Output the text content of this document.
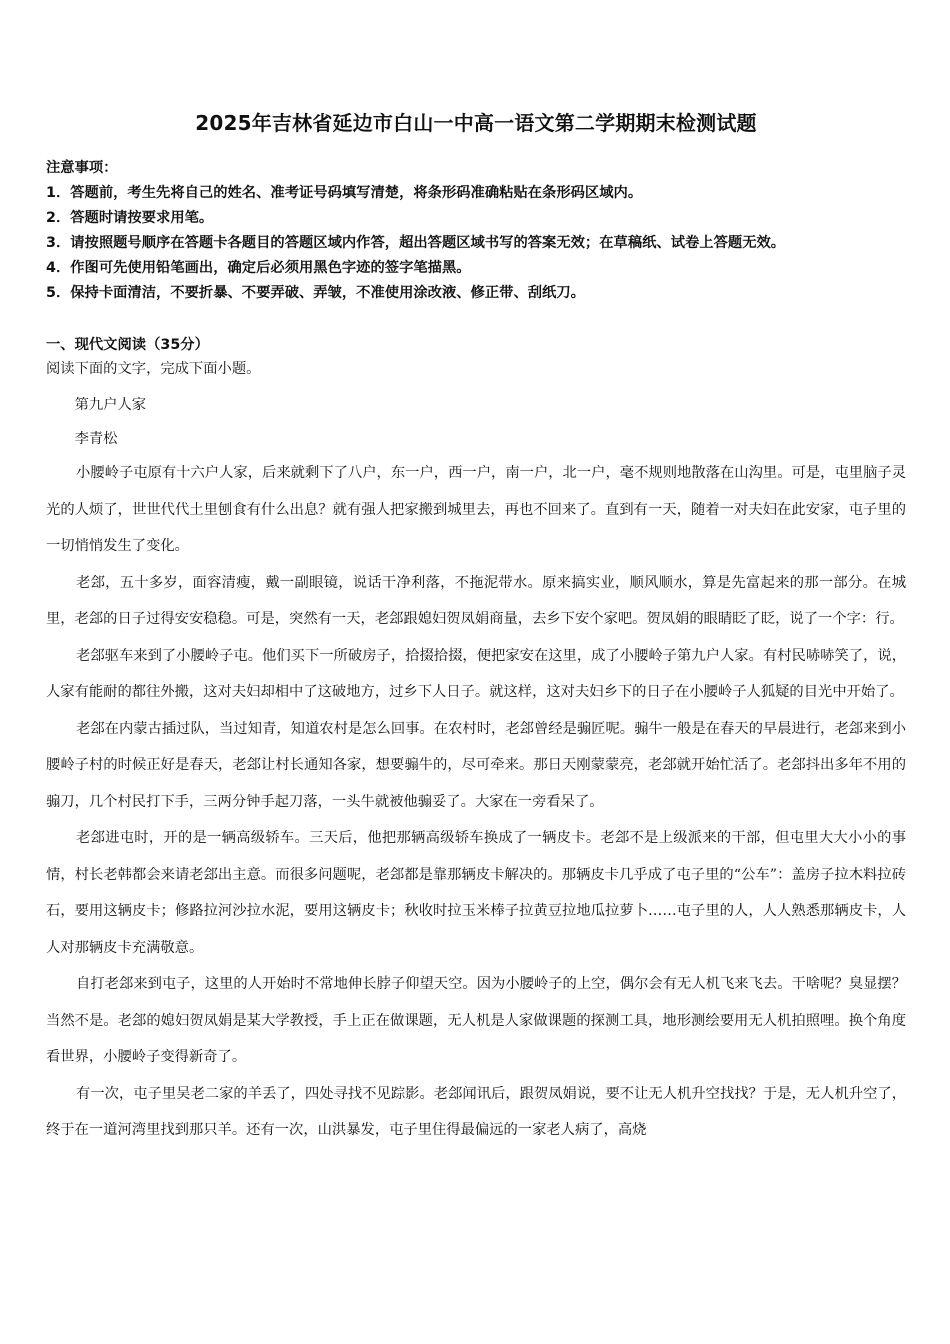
2025年吉林省延边市白山一中高一语文第二学期期末检测试题
注意事项：
1．答题前，考生先将自己的姓名、准考证号码填写清楚，将条形码准确粘贴在条形码区域内。
2．答题时请按要求用笔。
3．请按照题号顺序在答题卡各题目的答题区域内作答，超出答题区域书写的答案无效；在草稿纸、试卷上答题无效。
4．作图可先使用铅笔画出，确定后必须用黑色字迹的签字笔描黑。
5．保持卡面清洁，不要折暴、不要弄破、弄皱，不准使用涂改液、修正带、刮纸刀。
一、现代文阅读（35分）
阅读下面的文字，完成下面小题。
第九户人家
李青松

小腰岭子屯原有十六户人家，后来就剩下了八户，东一户，西一户，南一户，北一户，毫不规则地散落在山沟里。可是，屯里脑子灵光的人烦了，世世代代土里刨食有什么出息？就有强人把家搬到城里去，再也不回来了。直到有一天，随着一对夫妇在此安家，屯子里的一切悄悄发生了变化。

老郐，五十多岁，面容清瘦，戴一副眼镜，说话干净利落，不拖泥带水。原来搞实业，顺风顺水，算是先富起来的那一部分。在城里，老郐的日子过得安安稳稳。可是，突然有一天，老郐跟媳妇贺凤娟商量，去乡下安个家吧。贺凤娟的眼睛眨了眨，说了一个字：行。

老郐驱车来到了小腰岭子屯。他们买下一所破房子，拾掇拾掇，便把家安在这里，成了小腰岭子第九户人家。有村民哧哧笑了，说，人家有能耐的都往外搬，这对夫妇却相中了这破地方，过乡下人日子。就这样，这对夫妇乡下的日子在小腰岭子人狐疑的目光中开始了。

老郐在内蒙古插过队，当过知青，知道农村是怎么回事。在农村时，老郐曾经是骟匠呢。骟牛一般是在春天的早晨进行，老郐来到小腰岭子村的时候正好是春天，老郐让村长通知各家，想要骟牛的，尽可牵来。那日天刚蒙蒙亮，老郐就开始忙活了。老郐抖出多年不用的骟刀，几个村民打下手，三两分钟手起刀落，一头牛就被他骟妥了。大家在一旁看呆了。

老郐进屯时，开的是一辆高级轿车。三天后，他把那辆高级轿车换成了一辆皮卡。老郐不是上级派来的干部，但屯里大大小小的事情，村长老韩都会来请老郐出主意。而很多问题呢，老郐都是靠那辆皮卡解决的。那辆皮卡几乎成了屯子里的“公车”：盖房子拉木料拉砖石，要用这辆皮卡；修路拉河沙拉水泥，要用这辆皮卡；秋收时拉玉米棒子拉黄豆拉地瓜拉萝卜……屯子里的人，人人熟悉那辆皮卡，人人对那辆皮卡充满敬意。

自打老郐来到屯子，这里的人开始时不常地伸长脖子仰望天空。因为小腰岭子的上空，偶尔会有无人机飞来飞去。干啥呢？臭显摆？当然不是。老郐的媳妇贺凤娟是某大学教授，手上正在做课题，无人机是人家做课题的探测工具，地形测绘要用无人机拍照哩。换个角度看世界，小腰岭子变得新奇了。

有一次，屯子里吴老二家的羊丢了，四处寻找不见踪影。老郐闻讯后，跟贺凤娟说，要不让无人机升空找找？于是，无人机升空了，终于在一道河湾里找到那只羊。还有一次，山洪暴发，屯子里住得最偏远的一家老人病了，高烧
